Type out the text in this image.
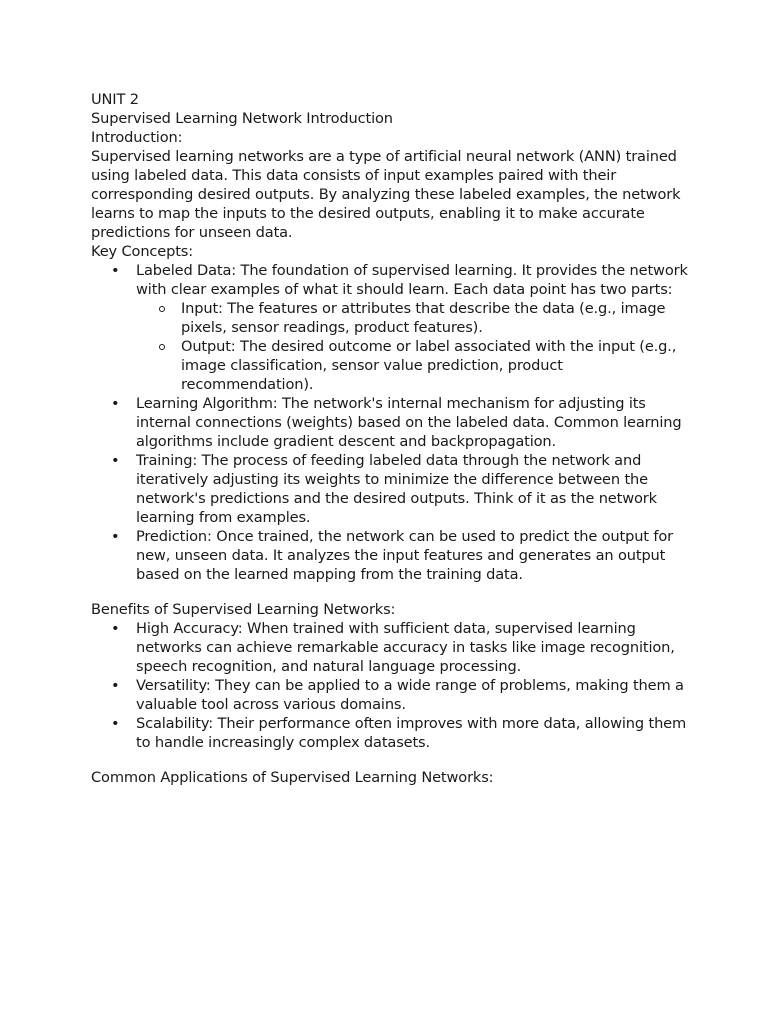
UNIT 2

Supervised Learning Network Introduction

Introduction:

Supervised learning networks are a type of artificial neural network (ANN) trained using labeled data. This data consists of input examples paired with their corresponding desired outputs. By analyzing these labeled examples, the network learns to map the inputs to the desired outputs, enabling it to make accurate predictions for unseen data.

Key Concepts:

• Labeled Data: The foundation of supervised learning. It provides the network with clear examples of what it should learn. Each data point has two parts:
Input: The features or attributes that describe the data (e.g., image pixels, sensor readings, product features).
Output: The desired outcome or label associated with the input (e.g., image classification, sensor value prediction, product recommendation).
• Learning Algorithm: The network's internal mechanism for adjusting its internal connections (weights) based on the labeled data. Common learning algorithms include gradient descent and backpropagation.
• Training: The process of feeding labeled data through the network and iteratively adjusting its weights to minimize the difference between the network's predictions and the desired outputs. Think of it as the network learning from examples.
• Prediction: Once trained, the network can be used to predict the output for new, unseen data. It analyzes the input features and generates an output based on the learned mapping from the training data.

Benefits of Supervised Learning Networks:

• High Accuracy: When trained with sufficient data, supervised learning networks can achieve remarkable accuracy in tasks like image recognition, speech recognition, and natural language processing.
• Versatility: They can be applied to a wide range of problems, making them a valuable tool across various domains.
• Scalability: Their performance often improves with more data, allowing them to handle increasingly complex datasets.

Common Applications of Supervised Learning Networks:
